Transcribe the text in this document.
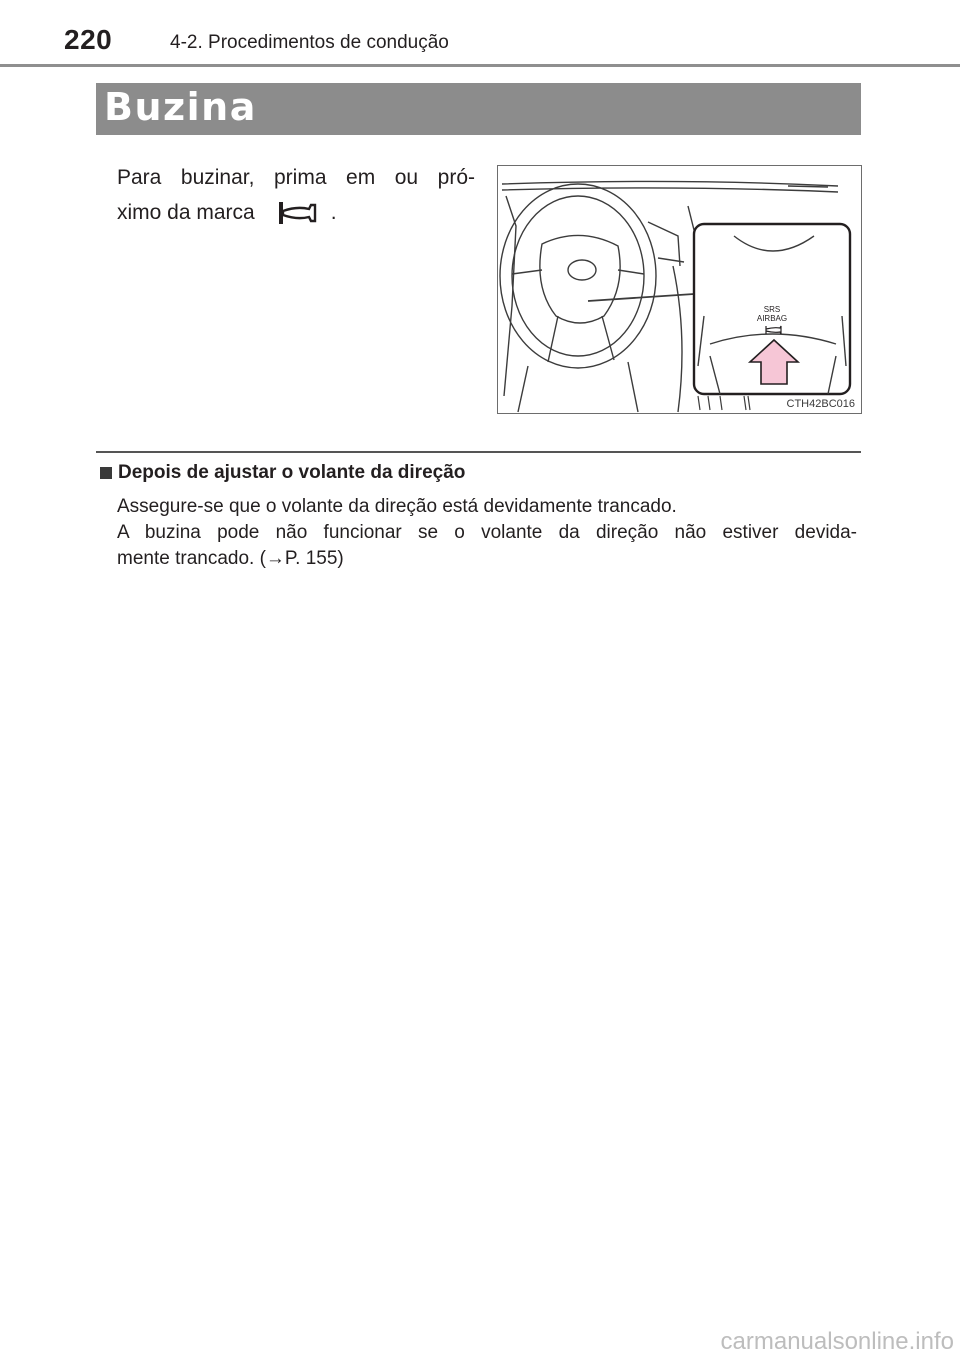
220	4-2. Procedimentos de condução
Buzina
Para buzinar, prima em ou pró-
ximo da marca	.
SRS
AIRBAG
CTH42BC016
Depois de ajustar o volante da direção

Assegure-se que o volante da direção está devidamente trancado.

A buzina pode não funcionar se o volante da direção não estiver devida-

mente trancado. (→P. 155)

carmanualsonline.info
